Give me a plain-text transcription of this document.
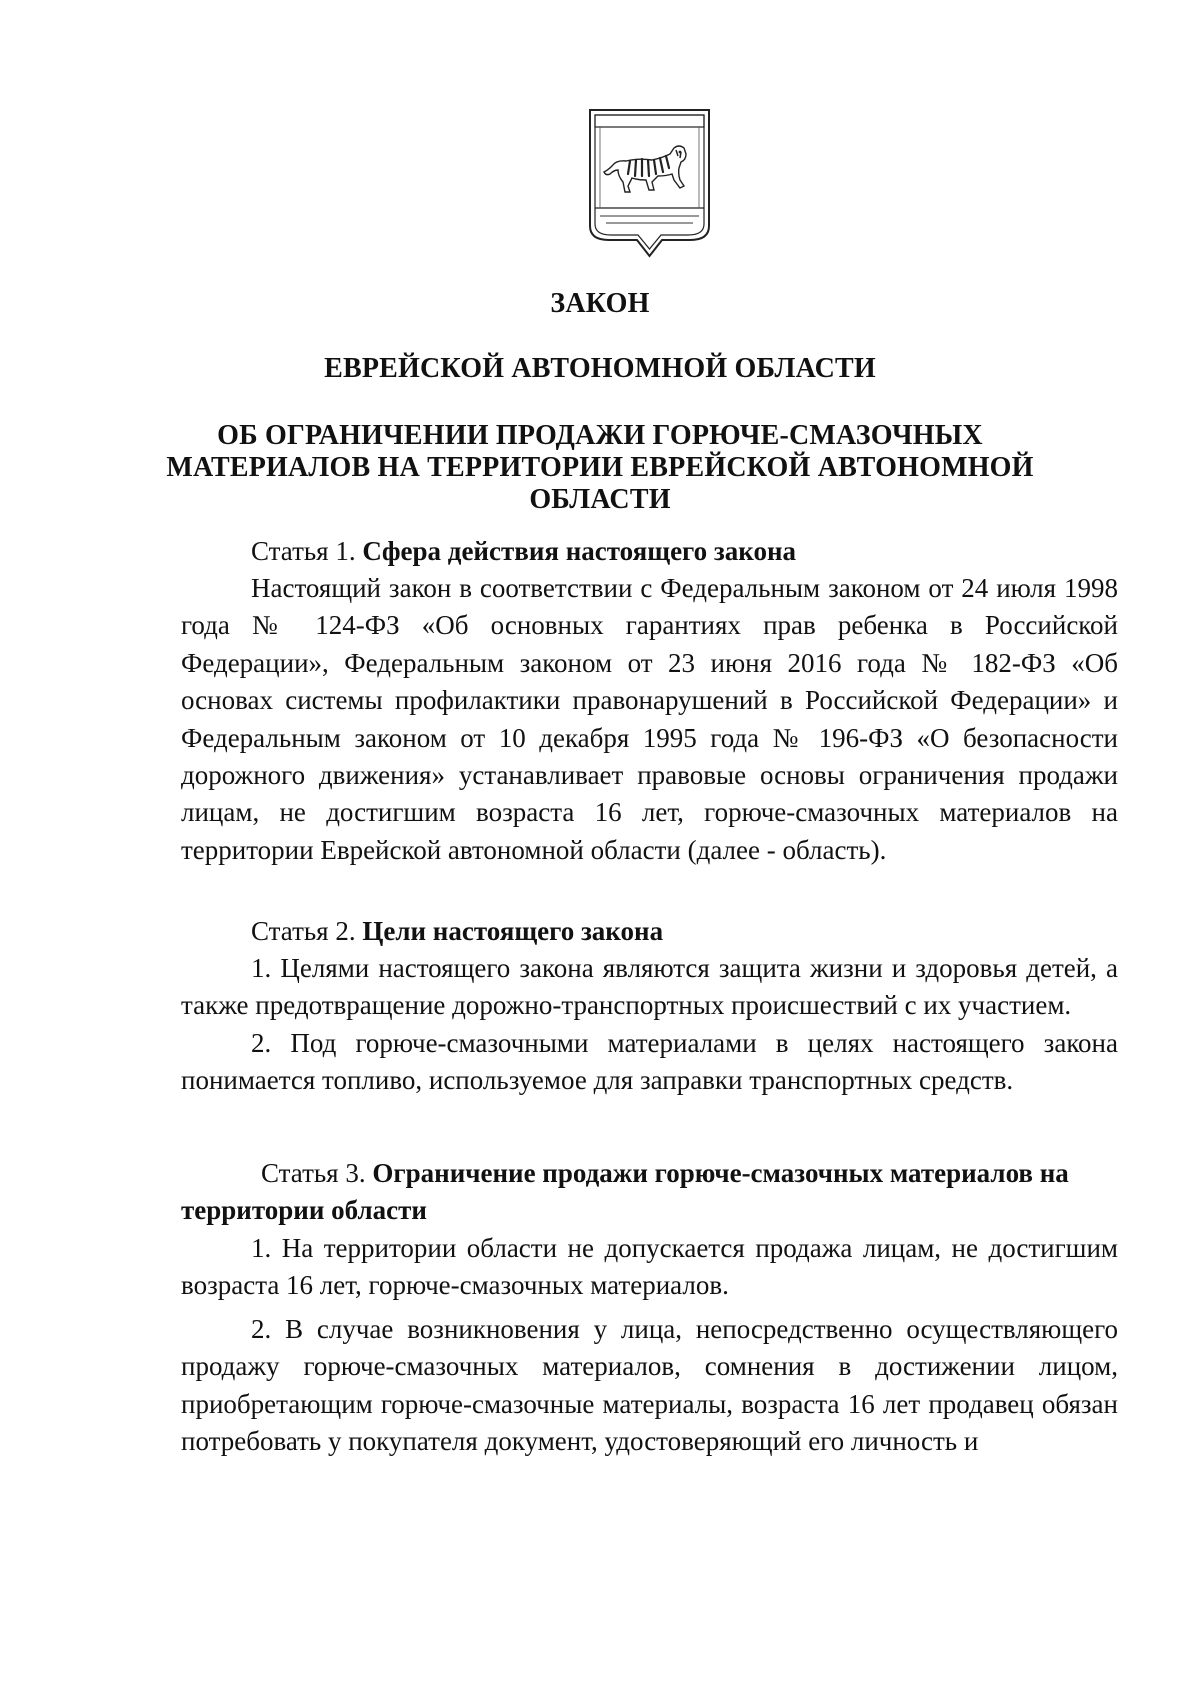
ЗАКОН
ЕВРЕЙСКОЙ АВТОНОМНОЙ ОБЛАСТИ
ОБ ОГРАНИЧЕНИИ ПРОДАЖИ ГОРЮЧЕ-СМАЗОЧНЫХ
МАТЕРИАЛОВ НА ТЕРРИТОРИИ ЕВРЕЙСКОЙ АВТОНОМНОЙ
ОБЛАСТИ
Статья 1. Сфера действия настоящего закона

Настоящий закон в соответствии с Федеральным законом от 24 июля 1998 года № 124-ФЗ «Об основных гарантиях прав ребенка в Российской Федерации», Федеральным законом от 23 июня 2016 года № 182-ФЗ «Об основах системы профилактики правонарушений в Российской Федерации» и Федеральным законом от 10 декабря 1995 года № 196-ФЗ «О безопасности дорожного движения» устанавливает правовые основы ограничения продажи лицам, не достигшим возраста 16 лет, горюче-смазочных материалов на территории Еврейской автономной области (далее - область).

Статья 2. Цели настоящего закона

1. Целями настоящего закона являются защита жизни и здоровья детей, а также предотвращение дорожно-транспортных происшествий с их участием.

2. Под горюче-смазочными материалами в целях настоящего закона понимается топливо, используемое для заправки транспортных средств.

Статья 3. Ограничение продажи горюче-смазочных материалов на
территории области

1. На территории области не допускается продажа лицам, не достигшим возраста 16 лет, горюче-смазочных материалов.

2. В случае возникновения у лица, непосредственно осуществляющего продажу горюче-смазочных материалов, сомнения в достижении лицом, приобретающим горюче-смазочные материалы, возраста 16 лет продавец обязан потребовать у покупателя документ, удостоверяющий его личность и
